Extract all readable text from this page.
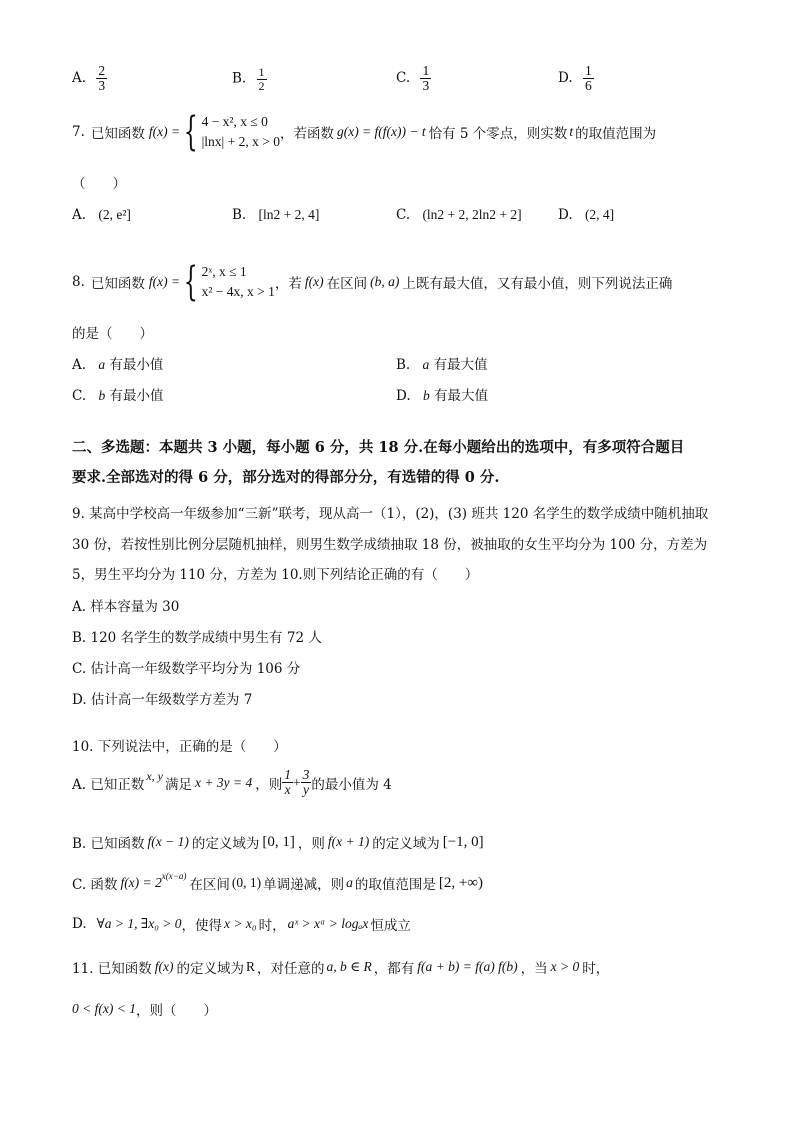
A. $\frac{2}{3}$	B. $\frac{1}{2}$	C. $\frac{1}{3}$	D. $\frac{1}{6}$
7. 已知函数 f(x) = { 4 − x², x ≤ 0
|lnx| + 2, x > 0 ，若函数 g(x) = f(f(x)) − t 恰有 5 个零点，则实数 t 的取值范围为
（　　）
A. (2, e²]	B. [ln2 + 2, 4]	C. (ln2 + 2, 2ln2 + 2]	D. (2, 4]
8. 已知函数 f(x) = { 2ˣ, x ≤ 1
x² − 4x, x > 1 ，若 f(x) 在区间 (b, a) 上既有最大值，又有最小值，则下列说法正确
的是（　　）
A. a 有最小值	B. a 有最大值
C. b 有最小值	D. b 有最大值
二、多选题：本题共 3 小题，每小题 6 分，共 18 分.在每小题给出的选项中，有多项符合题目
要求.全部选对的得 6 分，部分选对的得部分分，有选错的得 0 分.
9. 某高中学校高一年级参加“三新”联考，现从高一（1），(2)，(3) 班共 120 名学生的数学成绩中随机抽取
30 份，若按性别比例分层随机抽样，则男生数学成绩抽取 18 份，被抽取的女生平均分为 100 分，方差为
5，男生平均分为 110 分，方差为 10.则下列结论正确的有（　　）
A. 样本容量为 30
B. 120 名学生的数学成绩中男生有 72 人
C. 估计高一年级数学平均分为 106 分
D. 估计高一年级数学方差为 7
10. 下列说法中，正确的是（　　）
A. 已知正数
x, y
满足 x + 3y = 4 ，则 $\frac{1}{x} + \frac{3}{y}$ 的最小值为 4
B. 已知函数 f(x − 1) 的定义域为 [0, 1] ，则 f(x + 1) 的定义域为 [−1, 0]
C. 函数 f(x) = 2 x(x−a)
在区间 (0, 1) 单调递减，则 a 的取值范围是 [2, +∞)
D. ∀a > 1, ∃x₀ > 0 ，使得 x > x₀ 时， aˣ > xᵃ > logₐx 恒成立
11. 已知函数 f(x) 的定义域为 R ，对任意的 a, b ∈ R ，都有 f(a + b) = f(a) f(b) ，当 x > 0 时，
0 < f(x) < 1 ，则（　　）
